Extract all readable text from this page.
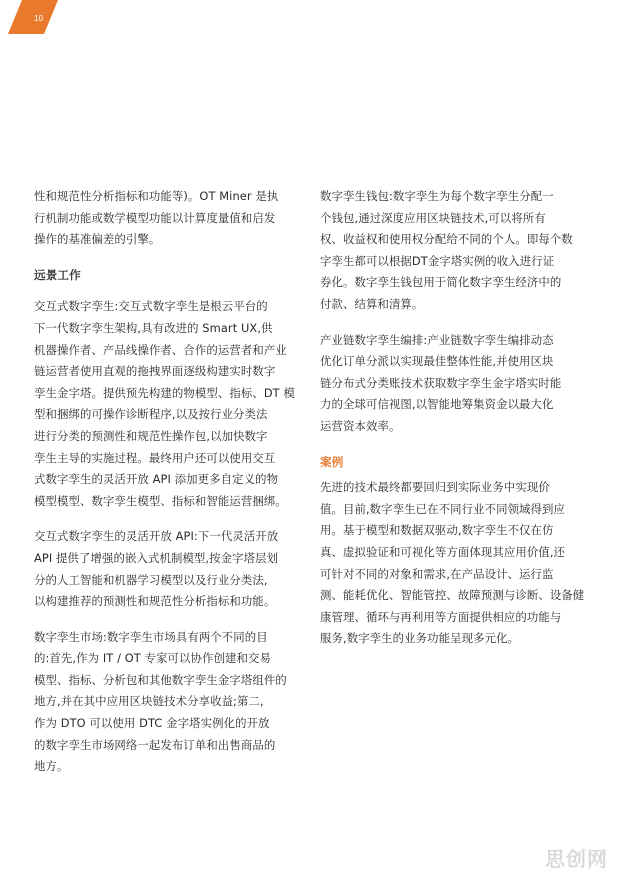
10
性和规范性分析指标和功能等)。OT Miner 是执
行机制功能或数学模型功能以计算度量值和启发
操作的基准偏差的引擎。
远景工作
交互式数字孪生:交互式数字孪生是根云平台的
下一代数字孪生架构,具有改进的 Smart UX,供
机器操作者、产品线操作者、合作的运营者和产业
链运营者使用直观的拖拽界面逐级构建实时数字
孪生金字塔。提供预先构建的物模型、指标、DT 模
型和捆绑的可操作诊断程序,以及按行业分类法
进行分类的预测性和规范性操作包,以加快数字
孪生主导的实施过程。最终用户还可以使用交互
式数字孪生的灵活开放 API 添加更多自定义的物
模型模型、数字孪生模型、指标和智能运营捆绑。
交互式数字孪生的灵活开放 API:下一代灵活开放
API 提供了增强的嵌入式机制模型,按金字塔层划
分的人工智能和机器学习模型以及行业分类法,
以构建推荐的预测性和规范性分析指标和功能。
数字孪生市场:数字孪生市场具有两个不同的目
的:首先,作为 IT / OT 专家可以协作创建和交易
模型、指标、分析包和其他数字孪生金字塔组件的
地方,并在其中应用区块链技术分享收益;第二,
作为 DTO 可以使用 DTC 金字塔实例化的开放
的数字孪生市场网络一起发布订单和出售商品的
地方。
数字孪生钱包:数字孪生为每个数字孪生分配一
个钱包,通过深度应用区块链技术,可以将所有
权、收益权和使用权分配给不同的个人。即每个数
字孪生都可以根据DT金字塔实例的收入进行证
券化。数字孪生钱包用于简化数字孪生经济中的
付款、结算和清算。
产业链数字孪生编排:产业链数字孪生编排动态
优化订单分派以实现最佳整体性能,并使用区块
链分布式分类账技术获取数字孪生金字塔实时能
力的全球可信视图,以智能地筹集资金以最大化
运营资本效率。
案例
先进的技术最终都要回归到实际业务中实现价
值。目前,数字孪生已在不同行业不同领域得到应
用。基于模型和数据双驱动,数字孪生不仅在仿
真、虚拟验证和可视化等方面体现其应用价值,还
可针对不同的对象和需求,在产品设计、运行监
测、能耗优化、智能管控、故障预测与诊断、设备健
康管理、循环与再利用等方面提供相应的功能与
服务,数字孪生的业务功能呈现多元化。
思创网
